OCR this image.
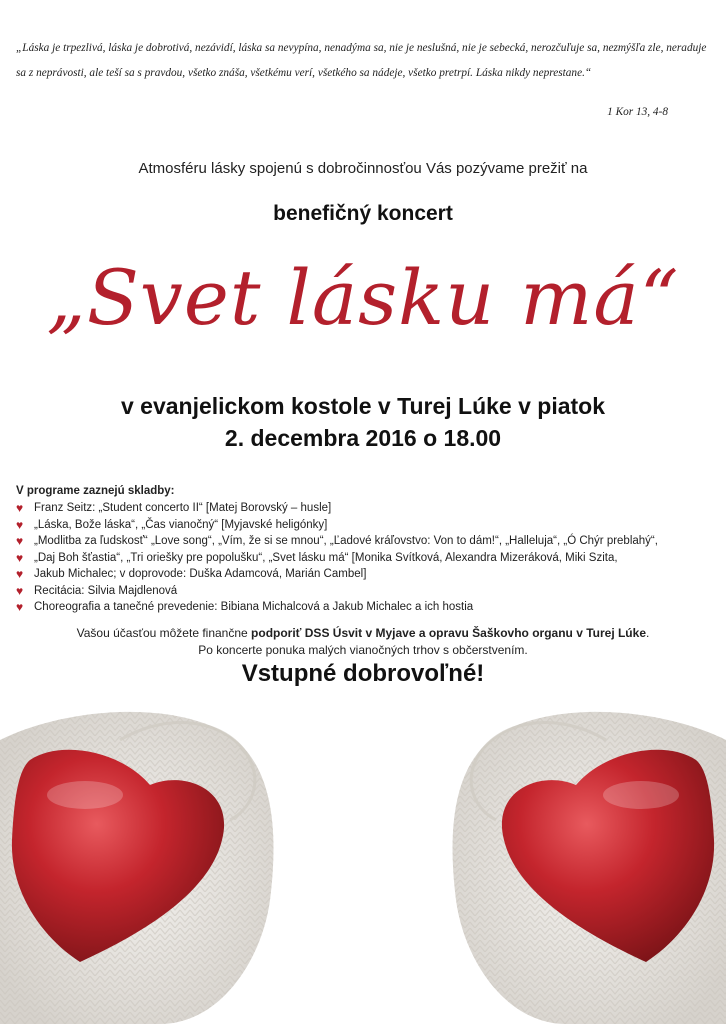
„Láska je trpezlivá, láska je dobrotivá, nezávidí, láska sa nevypína, nenadýma sa, nie je neslušná, nie je sebecká, nerozčuľuje sa, nezmýšľa zle, neraduje sa z neprávosti, ale teší sa s pravdou, všetko znáša, všetkému verí, všetkého sa nádeje, všetko pretrpí. Láska nikdy neprestane.“

1 Kor 13, 4-8
Atmosféru lásky spojenú s dobročinnosťou Vás pozývame prežiť na
benefičný koncert
„Svet lásku má“
v evanjelickom kostole v Turej Lúke v piatok
2. decembra 2016 o 18.00
V programe zaznejú skladby:
♥ Franz Seitz: „Student concerto II“ [Matej Borovský – husle]
♥ „Láska, Bože láska“, „Čas vianočný“ [Myjavské heligónky]
♥ „Modlitba za ľudskosť“ „Love song“, „Vím, že si se mnou“, „Ľadové kráľovstvo: Von to dám!“, „Halleluja“, „Ó Chýr preblahý“,
♥ „Daj Boh šťastia“, „Tri oriešky pre popolušku“, „Svet lásku má“ [Monika Svítková, Alexandra Mizeráková, Miki Szita,
♥ Jakub Michalec; v doprovode: Duška Adamcová, Marián Cambel]
♥ Recitácia: Silvia Majdlenová
♥ Choreografia a tanečné prevedenie: Bibiana Michalcová a Jakub Michalec a ich hostia
Vašou účasťou môžete finančne podporiť DSS Úsvit v Myjave a opravu Šaškovho organu v Turej Lúke.
Po koncerte ponuka malých vianočných trhov s občerstvením.
Vstupné dobrovoľné!
